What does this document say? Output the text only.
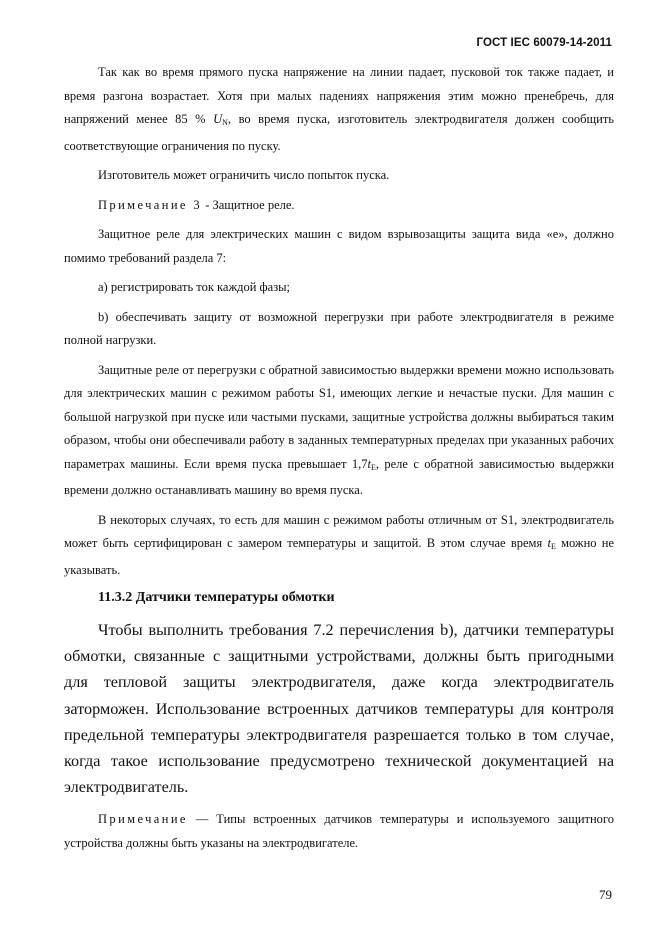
ГОСТ IEC 60079-14-2011

Так как во время прямого пуска напряжение на линии падает, пусковой ток также падает, и время разгона возрастает. Хотя при малых падениях напряжения этим можно пренебречь, для напряжений менее 85 % $U_N$, во время пуска, изготовитель электродвигателя должен сообщить соответствующие ограничения по пуску.

Изготовитель может ограничить число попыток пуска.

Примечание 3 - Защитное реле.

Защитное реле для электрических машин с видом взрывозащиты защита вида «е», должно помимо требований раздела 7:

a) регистрировать ток каждой фазы;

b) обеспечивать защиту от возможной перегрузки при работе электродвигателя в режиме полной нагрузки.

Защитные реле от перегрузки с обратной зависимостью выдержки времени можно использовать для электрических машин с режимом работы S1, имеющих легкие и нечастые пуски. Для машин с большой нагрузкой при пуске или частыми пусками, защитные устройства должны выбираться таким образом, чтобы они обеспечивали работу в заданных температурных пределах при указанных рабочих параметрах машины. Если время пуска превышает $1,7t_E$, реле с обратной зависимостью выдержки времени должно останавливать машину во время пуска.

В некоторых случаях, то есть для машин с режимом работы отличным от S1, электродвигатель может быть сертифицирован с замером температуры и защитой. В этом случае время $t_E$ можно не указывать.

11.3.2 Датчики температуры обмотки

Чтобы выполнить требования 7.2 перечисления b), датчики температуры обмотки, связанные с защитными устройствами, должны быть пригодными для тепловой защиты электродвигателя, даже когда электродвигатель заторможен. Использование встроенных датчиков температуры для контроля предельной температуры электродвигателя разрешается только в том случае, когда такое использование предусмотрено технической документацией на электродвигатель.

Примечание — Типы встроенных датчиков температуры и используемого защитного устройства должны быть указаны на электродвигателе.

79
